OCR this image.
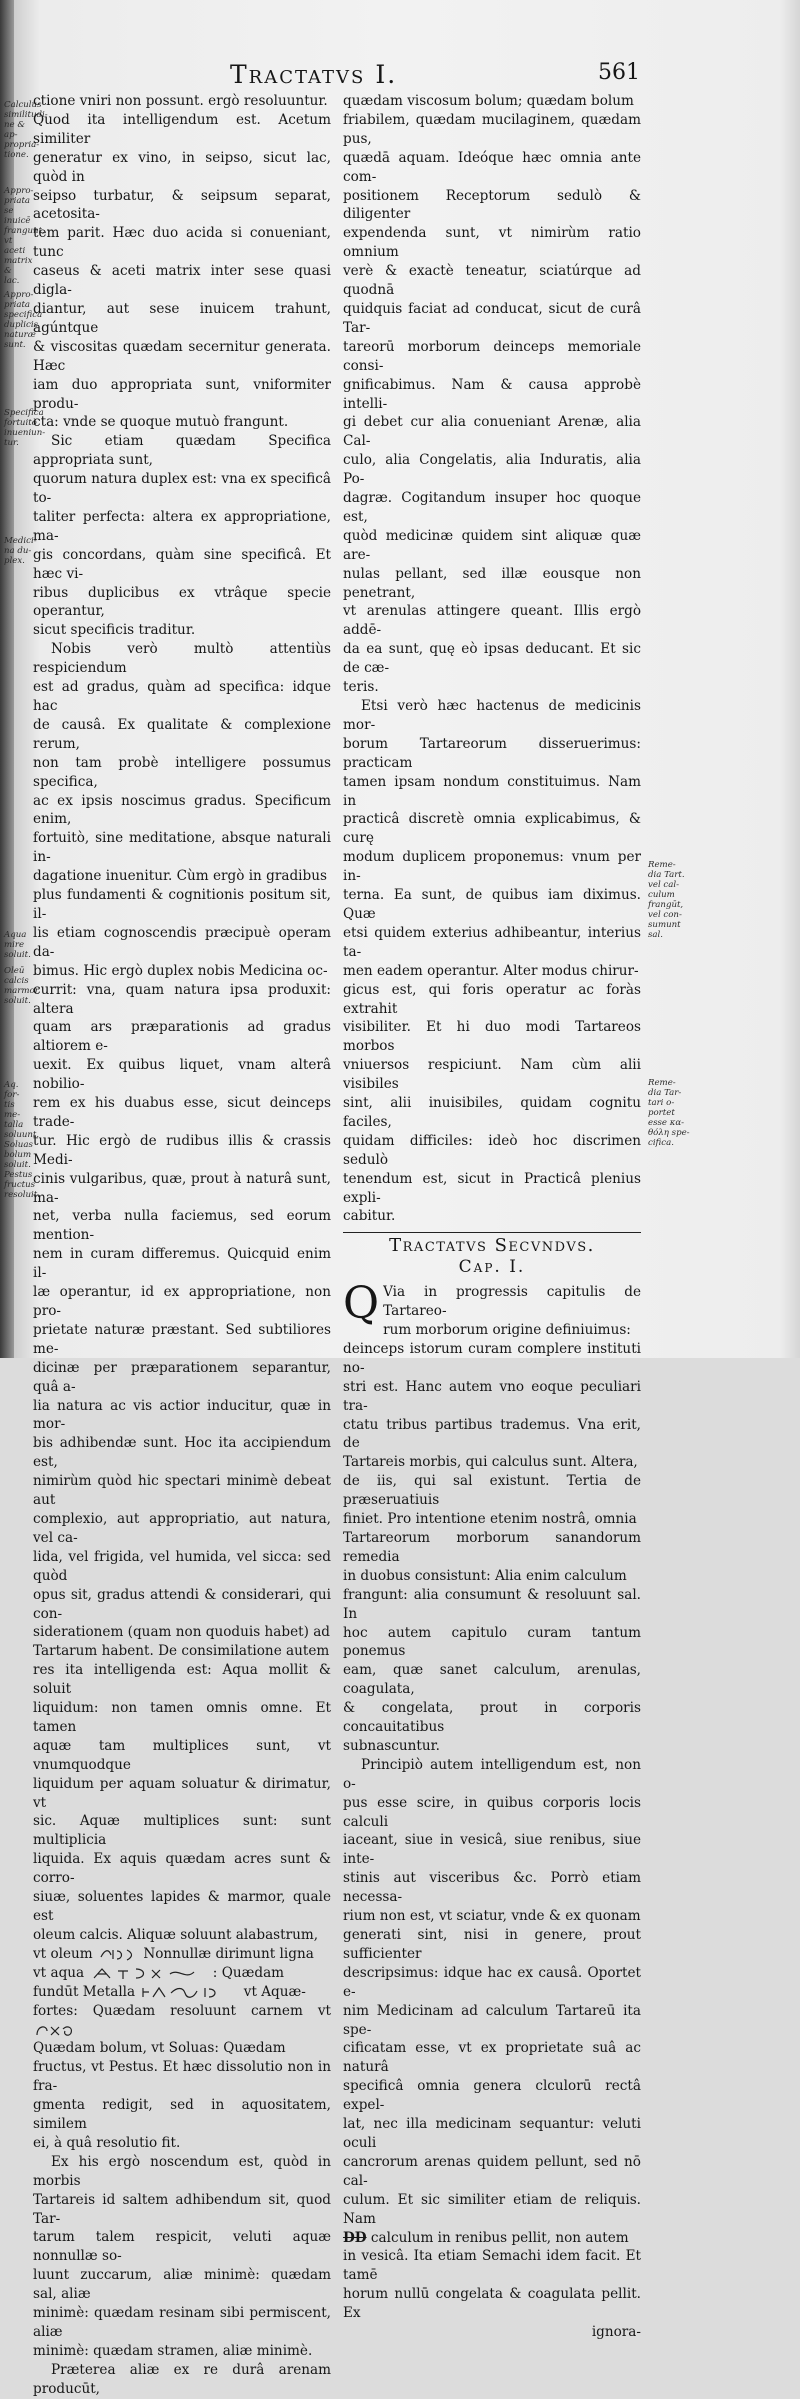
Tractatvs I.	561
Calculus
similitudi-
ne & ap-
propria-
tione.
Appro-
priata
se inuicē
frangunt,
vt aceti
matrix &
lac.
Appro-
priata
specifica
duplicis
naturæ
sunt.
Specifica
fortuitò
inueniun-
tur.
Medici-
na du-
plex.
Aqua mire
soluit.
Oleū calcis
marmor
soluit.
Aq. for-
tis me-
talla
soluunt.
Soluas
bolum
soluit.
Pestus
fructus
resoluit.
Reme-
dia Tart.
vel cal-
culum
frangūt,
vel con-
sumunt
sal.
Reme-
dia Tar-
tari o-
portet
esse κα-
θόλη spe-
cifica.

ctione vniri non possunt. ergò resoluuntur.

Quod ita intelligendum est. Acetum similiter

generatur ex vino, in seipso, sicut lac, quòd in

seipso turbatur, & seipsum separat, acetosita-

tem parit. Hæc duo acida si conueniant, tunc

caseus & aceti matrix inter sese quasi digla-

diantur, aut sese inuicem trahunt, agúntque

& viscositas quædam secernitur generata. Hæc

iam duo appropriata sunt, vniformiter produ-

cta: vnde se quoque mutuò frangunt.

Sic etiam quædam Specifica appropriata sunt,

quorum natura duplex est: vna ex specificâ to-

taliter perfecta: altera ex appropriatione, ma-

gis concordans, quàm sine specificâ. Et hæc vi-

ribus duplicibus ex vtrâque specie operantur,

sicut specificis traditur.

Nobis verò multò attentiùs respiciendum

est ad gradus, quàm ad specifica: idque hac

de causâ. Ex qualitate & complexione rerum,

non tam probè intelligere possumus specifica,

ac ex ipsis noscimus gradus. Specificum enim,

fortuitò, sine meditatione, absque naturali in-

dagatione inuenitur. Cùm ergò in gradibus

plus fundamenti & cognitionis positum sit, il-

lis etiam cognoscendis præcipuè operam da-

bimus. Hic ergò duplex nobis Medicina oc-

currit: vna, quam natura ipsa produxit: altera

quam ars præparationis ad gradus altiorem e-

uexit. Ex quibus liquet, vnam alterâ nobilio-

rem ex his duabus esse, sicut deinceps trade-

tur. Hic ergò de rudibus illis & crassis Medi-

cinis vulgaribus, quæ, prout à naturâ sunt, ma-

net, verba nulla faciemus, sed eorum mention-

nem in curam differemus. Quicquid enim il-

læ operantur, id ex appropriatione, non pro-

prietate naturæ præstant. Sed subtiliores me-

dicinæ per præparationem separantur, quâ a-

lia natura ac vis actior inducitur, quæ in mor-

bis adhibendæ sunt. Hoc ita accipiendum est,

nimirùm quòd hic spectari minimè debeat aut

complexio, aut appropriatio, aut natura, vel ca-

lida, vel frigida, vel humida, vel sicca: sed quòd

opus sit, gradus attendi & considerari, qui con-

siderationem (quam non quoduis habet) ad

Tartarum habent. De consimilatione autem

res ita intelligenda est: Aqua mollit & soluit

liquidum: non tamen omnis omne. Et tamen

aquæ tam multiplices sunt, vt vnumquodque

liquidum per aquam soluatur & dirimatur, vt

sic. Aquæ multiplices sunt: sunt multiplicia

liquida. Ex aquis quædam acres sunt & corro-

siuæ, soluentes lapides & marmor, quale est

oleum calcis. Aliquæ soluunt alabastrum,

vt oleum	Nonnullæ dirimunt ligna
vt aqua	: Quædam
fundūt Metalla	vt Aquæ-
fortes: Quædam resoluunt carnem vt
Quædam bolum, vt Soluas: Quædam

fructus, vt Pestus. Et hæc dissolutio non in fra-

gmenta redigit, sed in aquositatem, similem

ei, à quâ resolutio fit.

Ex his ergò noscendum est, quòd in morbis

Tartareis id saltem adhibendum sit, quod Tar-

tarum talem respicit, veluti aquæ nonnullæ so-

luunt zuccarum, aliæ minimè: quædam sal, aliæ

minimè: quædam resinam sibi permiscent, aliæ

minimè: quædam stramen, aliæ minimè.

Præterea aliæ ex re durâ arenam producūt,

quædam viscosum bolum; quædam bolum

friabilem, quædam mucilaginem, quædam pus,

quædā aquam. Ideóque hæc omnia ante com-

positionem Receptorum sedulò & diligenter

expendenda sunt, vt nimirùm ratio omnium

verè & exactè teneatur, sciatúrque ad quodnā

quidquis faciat ad conducat, sicut de curâ Tar-

tareorū morborum deinceps memoriale consi-

gnificabimus. Nam & causa approbè intelli-

gi debet cur alia conueniant Arenæ, alia Cal-

culo, alia Congelatis, alia Induratis, alia Po-

dagræ. Cogitandum insuper hoc quoque est,

quòd medicinæ quidem sint aliquæ quæ are-

nulas pellant, sed illæ eousque non penetrant,

vt arenulas attingere queant. Illis ergò addē-

da ea sunt, quę eò ipsas deducant. Et sic de cæ-

teris.

Etsi verò hæc hactenus de medicinis mor-

borum Tartareorum disseruerimus: practicam

tamen ipsam nondum constituimus. Nam in

practicâ discretè omnia explicabimus, & curę

modum duplicem proponemus: vnum per in-

terna. Ea sunt, de quibus iam diximus. Quæ

etsi quidem exterius adhibeantur, interius ta-

men eadem operantur. Alter modus chirur-

gicus est, qui foris operatur ac foràs extrahit

visibiliter. Et hi duo modi Tartareos morbos

vniuersos respiciunt. Nam cùm alii visibiles

sint, alii inuisibiles, quidam cognitu faciles,

quidam difficiles: ideò hoc discrimen sedulò

tenendum est, sicut in Practicâ plenius expli-

cabitur.

Tractatvs Secvndvs.
Cap. I.
Q Via in progressis capitulis de Tartareo-

rum morborum origine definiuimus:

deinceps istorum curam complere instituti no-

stri est. Hanc autem vno eoque peculiari tra-

ctatu tribus partibus trademus. Vna erit, de

Tartareis morbis, qui calculus sunt. Altera,

de iis, qui sal existunt. Tertia de præseruatiuis

finiet. Pro intentione etenim nostrâ, omnia

Tartareorum morborum sanandorum remedia

in duobus consistunt: Alia enim calculum

frangunt: alia consumunt & resoluunt sal. In

hoc autem capitulo curam tantum ponemus

eam, quæ sanet calculum, arenulas, coagulata,

& congelata, prout in corporis concauitatibus

subnascuntur.

Principiò autem intelligendum est, non o-

pus esse scire, in quibus corporis locis calculi

iaceant, siue in vesicâ, siue renibus, siue inte-

stinis aut visceribus &c. Porrò etiam necessa-

rium non est, vt sciatur, vnde & ex quonam

generati sint, nisi in genere, prout sufficienter

descripsimus: idque hac ex causâ. Oportet e-

nim Medicinam ad calculum Tartareū ita spe-

cificatam esse, vt ex proprietate suâ ac naturâ

specificâ omnia genera clculorū rectâ expel-

lat, nec illa medicinam sequantur: veluti oculi

cancrorum arenas quidem pellunt, sed nō cal-

culum. Et sic similiter etiam de reliquis. Nam

DD calculum in renibus pellit, non autem

in vesicâ. Ita etiam Semachi idem facit. Et tamē

horum nullū congelata & coagulata pellit. Ex

ignora-
